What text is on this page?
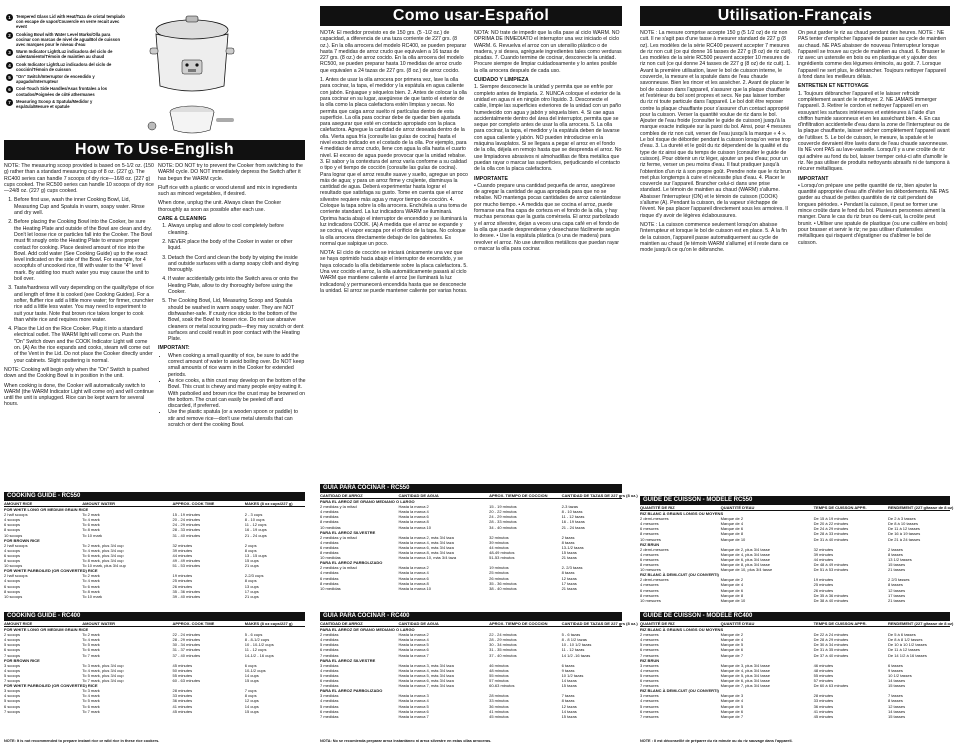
1	Tempered Glass Lid with Heat/Taza de cristal templado con escape de vapor/Couvercle en verre recuit avec event
2	Cooking Bowl with Water Level Marks/Olla para cocinar con marcas de nivel de agua/Bol de cuisson avec marques pour le niveau d'eau
3	Warm Indicator Light/Luz indicadora del ciclo de calentamiento/Témoin de maintien au chaud
4	Cook Indicator Light/Luz indicadora del ciclo de cocción/Témoin de cuisson
5	"On" Switch/Interruptor de encendido y apagado/Interrupteur
6	Cool-Touch Side Handles/Asas frontales a los costados/Poignées de côté athermanes
7	Measuring Scoop & Spatula/Medidor y espátula/Mesure et spatule
How To Use-English
NOTE: The measuring scoop provided is based on 5-1/2 oz. (150 g) rather than a standard measuring cup of 8 oz. (227 g). The RC400 series can handle 7 scoops of dry rice—16/8 oz. (227 g) cups cooked. The RC500 series can handle 10 scoops of dry rice—24/8 oz. (227 g) cups cooked.
1. Before first use, wash the inner Cooking Bowl, Lid, Measuring Cup and Spatula in warm, soapy water. Rinse and dry well.
2. Before placing the Cooking Bowl into the Cooker, be sure the Heating Plate and outside of the Bowl are clean and dry. Don't let loose rice or particles fall into the Cooker. The Bowl must fit snugly onto the Heating Plate to ensure proper contact for cooking. Place desired amount of rice into the Bowl. Add cold water (See Cooking Guide) up to the exact level indicated on the side of the Bowl. For example, for 4 scoopfuls of uncooked rice, fill with water to the "4" level mark. By adding too much water you may cause the unit to boil over.
3. Taste/hardness will vary depending on the quality/type of rice and length of time it is cooked (see Cooking Guides). For a softer, fluffier rice add a little more water; for firmer, crunchier rice add a little less water. You may need to experiment to suit your taste. Note that brown rice takes longer to cook than white rice and requires more water.
4. Place the Lid on the Rice Cooker. Plug it into a standard electrical outlet. The WARM light will come on. Push the "On" Switch down and the COOK Indicator Light will come on. (A) As the rice expands and cooks, steam will come out of the Vent in the Lid. Do not place the Cooker directly under your cabinets. Slight sputtering is normal.
NOTE: Cooking will begin only when the "On" Switch is pushed down and the Cooking Bowl is in position in the unit.
When cooking is done, the Cooker will automatically switch to WARM (the WARM Indicator Light will come on) and will continue until the unit is unplugged. Rice can be kept warm for several hours.
NOTE: DO NOT try to prevent the Cooker from switching to the WARM cycle. DO NOT immediately depress the Switch after it has begun the WARM cycle.
Fluff rice with a plastic or wood utensil and mix in ingredients such as minced vegetables, if desired.
When done, unplug the unit. Always clean the Cooker thoroughly as soon as possible after each use.
CARE & CLEANING
1. Always unplug and allow to cool completely before cleaning.
2. NEVER place the body of the Cooker in water or other liquid.
3. Detach the Cord and clean the body by wiping the inside and outside surfaces with a damp soapy cloth and drying thoroughly.
4. If water accidentally gets into the Switch area or onto the Heating Plate, allow to dry thoroughly before using the Cooker.
5. The Cooking Bowl, Lid, Measuring Scoop and Spatula should be washed in warm soapy water. They are NOT dishwasher-safe. If crusty rice sticks to the bottom of the Bowl, soak the Bowl to loosen rice. Do not use abrasive cleaners or metal scouring pads—they may scratch or dent surfaces and could result in poor contact with the Heating Plate.
IMPORTANT:
• When cooking a small quantity of rice, be sure to add the correct amount of water to avoid boiling over. Do NOT keep small amounts of rice warm in the Cooker for extended periods.
• As rice cooks, a thin crust may develop on the bottom of the Bowl. This crust is chewy and many people enjoy eating it. With parboiled and brown rice the crust may be browned on the bottom. The crust can easily be peeled off and discarded, if preferred.
• Use the plastic spatula (or a wooden spoon or paddle) to stir and remove rice—don't use metal utensils that can scratch or dent the cooking Bowl.
Como usar-Español
NOTA: El medidor provisto es de 150 grs. (5 -1/2 oz.) de capacidad, a diferencia de una taza corriente de 227 grs. (8 oz.). En la olla arrocera del modelo RC400, se pueden preparar hasta 7 medidas de arroz crudo que equivalen a 16 tazas de 227 grs. (8 oz.) de arroz cocido. En la olla arrocera del modelo RC500, se pueden preparar hasta 10 medidas de arroz crudo que equivalen a 24 tazas de 227 grs. (8 oz.) de arroz cocido.
1. Antes de usar la olla arrocera por primera vez, lave la olla para cocinar, la tapa, el medidor y la espátula en agua caliente con jabón. Enjuague y séquelos bien. 2. Antes de colocar la olla para cocinar en su lugar, asegúrese de que tanto el exterior de la olla como la placa calefactora estén limpias y secas. No permita que caiga arroz suelto ni partículas dentro de esta superficie. La olla para cocinar debe de quedar bien ajustada para asegurar que esté en contacto apropiado con la placa calefactora. Agregue la cantidad de arroz deseada dentro de la olla. Vierta agua fría (consulte las guías de cocina) hasta el nivel exacto indicado en el costado de la olla. Por ejemplo, para 4 medidas de arroz crudo, llene con agua la olla hasta el cuarto nivel. El exceso de agua puede provocar que la unidad rebalse. 3. El sabor y la contextura del arroz varía conforme a su calidad o tipo y el tiempo de cocción (consulte las guías de cocina). Para lograr que el arroz resulte suave y suelto, agregue un poco más de agua; y para un arroz firme y crujiente, disminuya la cantidad de agua. Deberá experimentar hasta lograr el resultado que satisfaga su gusto. Tome en cuenta que el arroz silvestre requiere más agua y mayor tiempo de cocción. 4. Coloque la tapa sobre la olla arrocera. Enchúfela a una toma de corriente standard. La luz indicadora WARM se iluminará. Oprima hacia abajo el interruptor de encendido y se iluminará la luz indicadora COOK. (A) A medida que el arroz se expande y se cocina, el vapor escapa por el orificio de la tapa. No coloque la olla arrocera directamente debajo de los gabinetes. Es normal que salpique un poco.
NOTA: El ciclo de cocción se iniciará únicamente una vez que se haya oprimido hacia abajo el interruptor de encendido, y se haya colocado la olla debidamente sobre la placa calefactora. 5. Una vez cocido el arroz, la olla automáticamente pasará al ciclo WARM que mantiene caliente el arroz (se iluminará la luz indicadora) y permanecerá encendida hasta que se desconecte la unidad. El arroz se puede mantener caliente por varias horas.
NOTA: NO trate de impedir que la olla pase al ciclo WARM. NO OPRIMA DE INMEDIATO el interruptor una vez iniciado el ciclo WARM. 6. Revuelva el arroz con un utensilio plástico o de madera, y si desea, agréguele ingredientes tales como verduras picadas. 7. Cuando termine de cocinar, desconecte la unidad. Procure siempre de limpiar cuidadosamente y lo antes posible la olla arrocera después de cada uso.
CUIDADO Y LIMPIEZA
1. Siempre desconecte la unidad y permita que se enfríe por completo antes de limpiarla. 2. NUNCA coloque el exterior de la unidad en agua ni en ningún otro líquido. 3. Desconecte el cable, limpie las superficies exteriores de la unidad con un paño humedecido con agua y jabón y séquela bien. 4. Si cae agua accidentalmente dentro del área del interruptor, permita que se seque por completo antes de usar la olla arrocera. 5. La olla para cocinar, la tapa, el medidor y la espátula deben de lavarse con agua caliente y jabón. NO pueden introducirse en la máquina lavaplatos. Si se llegara a pegar el arroz en el fondo de la olla, déjela en remojo hasta que se desprenda el arroz. No use limpiadores abrasivos ni almohadillas de fibra metálica que puedan rayar o marcar las superficies, perjudicando el contacto de la olla con la placa calefactora.
IMPORTANTE
• Cuando prepare una cantidad pequeña de arroz, asegúrese de agregar la cantidad de agua apropiada para que no se rebalse. NO mantenga pocas cantidades de arroz calentándose por mucho tiempo. • A medida que se cocina el arroz, puede formarse una fina capa de corteza en el fondo de la olla, y hay muchas personas que la gusta comérsela. El arroz parbolizado y el arroz silvestre, dejan a veces una capa café en el fondo de la olla que puede desprenderse y desecharse fácilmente según lo desee. • Use la espátula plástica (o una de madera) para revolver el arroz. No use utensilios metálicos que puedan rayar o marcar la olla para cocinar.
Utilisation-Français
NOTE : La mesure comprise accepte 150 g (5 1/2 oz) de riz non cuit. Il ne s'agit pas d'une tasse à mesurer standard de 227 g (8 oz). Les modèles de la série RC400 peuvent accepter 7 mesures de riz non cuit (ce qui donne 16 tasses de 227 g (8 oz) de riz cuit). Les modèles de la série RC500 peuvent accepter 10 mesures de riz non cuit (ce qui donne 24 tasses de 227 g (8 oz) de riz cuit). 1. Avant la première utilisation, laver le bol de cuisson interne, le couvercle, la mesure et la spatule dans de l'eau chaude savonneuse. Bien les rincer et les assécher. 2. Avant de placer le bol de cuisson dans l'appareil, s'assurer que la plaque chauffante et l'extérieur du bol sont propres et secs. Ne pas laisser tomber du riz ni toute particule dans l'appareil. Le bol doit être reposer contre la plaque chauffante pour s'assurer d'un contact approprié pour la cuisson. Verser la quantité voulue de riz dans le bol. Ajouter de l'eau froide (consulter le guide de cuisson) jusqu'à la marque exacte indiquée sur la paroi du bol. Ainsi, pour 4 mesures combles de riz non cuit, verser de l'eau jusqu'à la marque « 4 ». Le bol risque de déborder pendant la cuisson lorsqu'on verse trop d'eau. 3. La dureté et le goût du riz dépendent de la qualité et du type de riz ainsi que du temps de cuisson (consulter le guide de cuisson). Pour obtenir un riz léger, ajouter un peu d'eau; pour un riz ferme, verser un peu moins d'eau. Il faut pratiquer jusqu'à l'obtention d'un riz à son propre goût. Prendre note que le riz brun met plus longtemps à cuire et nécessite plus d'eau. 4. Placer le couvercle sur l'appareil. Brancher celui-ci dans une prise standard. Le témoin de maintien au chaud (WARM) s'allume. Abaisser l'interrupteur (ON) et le témoin de cuisson (COOK) s'allume (A). Pendant la cuisson, de la vapeur s'échappe de l'évent. Ne pas placer l'appareil directement sous les armoires. Il risque d'y avoir de légères éclaboussures.
NOTE : La cuisson commence seulement lorsqu'on abaisse l'interrupteur et lorsque le bol de cuisson est en place. 5. À la fin de la cuisson, l'appareil passe automatiquement au cycle de maintien au chaud (le témoin WARM s'allume) et il reste dans ce mode jusqu'à ce qu'on le débranche.
On peut garder le riz au chaud pendant des heures. NOTE : NE PAS tenter d'empêcher l'appareil de passer au cycle de maintien au chaud. NE PAS abaisser de nouveau l'interrupteur lorsque l'appareil se trouve au cycle de maintien au chaud. 6. Brasser le riz avec un ustensile en bois ou en plastique et y ajouter des ingrédients comme des légumes émincés, au goût. 7. Lorsque l'appareil ne sert plus, le débrancher. Toujours nettoyer l'appareil à fond dans les meilleurs délais.
ENTRETIEN ET NETTOYAGE
1. Toujours débrancher l'appareil et le laisser refroidir complètement avant de le nettoyer. 2. NE JAMAIS immerger l'appareil. 3. Retirer le cordon et nettoyer l'appareil en en essuyant les surfaces intérieures et extérieures à l'aide d'un chiffon humide savonneux et en les asséchant bien. 4. En cas d'infiltration accidentelle d'eau dans la zone de l'interrupteur ou de la plaque chauffante, laisser sécher complètement l'appareil avant de l'utiliser. 5. Le bol de cuisson, le mesure, la spatule et le couvercle devraient être lavés dans de l'eau chaude savonneuse. Ils NE vont PAS au lave-vaisselle. Lorsqu'il y a une croûte de riz qui adhère au fond du bol, laisser tremper celui-ci afin d'amollir le riz. Ne pas utiliser de produits nettoyants abrasifs ni de tampons à récurer métalliques.
IMPORTANT
• Lorsqu'on prépare une petite quantité de riz, bien ajouter la quantité appropriée d'eau afin d'éviter les débordements. NE PAS garder au chaud de petites quantités de riz cuit pendant de longues périodes. • Pendant la cuisson, il peut se former une mince croûte dans le fond du bol. Plusieurs personnes aiment la manger. Dans le cas du riz brun ou demi-cuit, la croûte peut brunir. • Utiliser une spatule de plastique (ou une cuillère en bois) pour brasser et servir le riz; ne pas utiliser d'ustensiles métalliques qui risquent d'égratigner ou d'abîmer le bol de cuisson.
COOKING GUIDE - RC550
AMOUNT RICE	AMOUNT WATER	APPROX. COOK TIME	MAKES (8 oz cups/227 g)
FOR WHITE LONG OR MEDIUM GRAIN RICE
2 half scoops	To 2 mark	15 - 19 minutes	2 - 3 cups
4 scoops	To 4 mark	20 - 24 minutes	8 - 10 cups
6 scoops	To 6 mark	24 - 29 minutes	11 - 12 cups
8 scoops	To 8 mark	28 - 33 minutes	16 - 19 cups
10 scoops	To 10 mark	31 - 40 minutes	21 - 24 cups
FOR BROWN RICE
2 half scoops	To 2 mark, plus 3/4 cup	32 minutes	2 cups
4 scoops	To 4 mark, plus 3/4 cup	39 minutes	8 cups
6 scoops	To 6 mark, plus 3/4 cup	44 minutes	13 - 15 cups
8 scoops	To 8 mark, plus 3/4 cup	49 - 49 minutes	15 cups
10 scoops	To 10 mark, plus 3/4 cup	51 - 53 minutes	21 cups
FOR WHITE PARBOILED (OR CONVERTED) RICE
2 half scoops	To 2 mark	19 minutes	2-2/3 cups
4 scoops	To 4 mark	25 minutes	8 cups
6 scoops	To 6 mark	26 minutes	13 cups
8 scoops	To 8 mark	35 - 36 minutes	17 cups
10 scoops	To 10 mark	39 - 40 minutes	21 cups
COOKING GUIDE - RC400
AMOUNT RICE	AMOUNT WATER	APPROX. COOK TIME	MAKES (8 oz cups/227 g)
FOR WHITE LONG OR MEDIUM GRAIN RICE
2 scoops	To 2 mark	22 - 24 minutes	5 - 6 cups
4 scoops	To 4 mark	28 - 29 minutes	8 - 8-1/2 cups
5 scoops	To 5 mark	30 - 34 minutes	10 - 10-1/2 cups
6 scoops	To 6 mark	31 - 37 minutes	11 - 12 cups
7 scoops	To 7 mark	37 - 40 minutes	14-1/2 - 16 cups
FOR BROWN RICE
3 scoops	To 3 mark, plus 3/4 cup	45 minutes	6 cups
4 scoops	To 4 mark, plus 3/4 cup	50 minutes	10-1/2 cups
5 scoops	To 5 mark, plus 3/4 cup	55 minutes	14 cups
7 scoops	To 7 mark, plus 3/4 cup	60 - 63 minutes	15 cups
FOR WHITE PARBOILED (OR CONVERTED) RICE
3 scoops	To 3 mark	28 minutes	7 cups
4 scoops	To 4 mark	33 minutes	8 cups
5 scoops	To 5 mark	36 minutes	12 cups
6 scoops	To 6 mark	41 minutes	14 cups
7 scoops	To 7 mark	45 minutes	15 cups
NOTE: It is not recommended to prepare instant rice or wild rice in these rice cookers.
GUIA PARA COCINAR - RC550
CANTIDAD DE ARROZ	CANTIDAD DE AGUA	APROX. TIEMPO DE COCCION	CANTIDAD DE TAZAS DE 227 grs (8 oz.)
PARA EL ARROZ DE GRANO MEDIANO O LARGO
2 medidas y la mitad	Hasta la marca 2	15 - 19 minutos	2-3 tazas
4 medidas	Hasta la marca 4	20 - 22 minutos	8 - 10 tazas
6 medidas	Hasta la marca 6	24 - 29 minutos	11 - 12 tazas
8 medidas	Hasta la marca 8	28 - 33 minutos	16 - 19 tazas
10 medidas	Hasta la marca 10	34 - 40 minutos	21 - 24 tazas
PARA EL ARROZ SILVESTRE
2 medidas y la mitad	Hasta la marca 2, más 3/4 taza	32 minutos	2 tazas
4 medidas	Hasta la marca 4, más 3/4 taza	39 minutos	8 tazas
6 medidas	Hasta la marca 6, más 3/4 taza	44 minutos	13-1/2 tazas
8 medidas	Hasta la marca 8, más 3/4 taza	48-49 minutos	15 tazas
10 medidas	Hasta la marca 10, más 3/4 taza	51-53 minutos	21 tazas
PARA EL ARROZ PARBOLIZADO
2 medidas y la mitad	Hasta la marca 2	19 minutos	2- 2/3 tazas
4 medidas	Hasta la marca 4	25 minutos	8 tazas
6 medidas	Hasta la marca 6	26 minutos	12 tazas
8 medidas	Hasta la marca 8	35 - 36 minutos	17 tazas
10 medidas	Hasta la marca 10	38 - 40 minutos	21 tazas
GUIA PARA COCINAR - RC400
CANTIDAD DE ARROZ	CANTIDAD DE AGUA	APROX. TIEMPO DE COCCION	CANTIDAD DE TAZAS DE 227 grs (8 oz.)
PARA EL ARROZ DE GRANO MEDIANO O LARGO
2 medidas	Hasta la marca 2	22 - 24 minutos	5 - 6 tazas
4 medidas	Hasta la marca 4	28 - 29 minutos	8 - 8 1/2 tazas
5 medidas	Hasta la marca 5	30 - 34 minutos	10 - 10 1/2 tazas
6 medidas	Hasta la marca 6	31 - 35 minutos	11 - 12 tazas
7 medidas	Hasta la marca 7	37 - 40 minutos	14 1/2 -16 tazas
PARA EL ARROZ SILVESTRE
3 medidas	Hasta la marca 3, más 3/4 taza	46 minutos	6 tazas
4 medidas	Hasta la marca 4, más 3/4 taza	48 minutos	9 tazas
5 medidas	Hasta la marca 5, más 3/4 taza	55 minutos	10 1/2 tazas
6 medidas	Hasta la marca 6, más 3/4 taza	57 minutos	14 tazas
7 medidas	Hasta la marca 7, más 3/4 taza	60-63 minutos	15 tazas
PARA EL ARROZ PARBOLIZADO
3 medidas	Hasta la marca 3	28 minutos	7 tazas
4 medidas	Hasta la marca 4	33 minutos	8 tazas
5 medidas	Hasta la marca 5	36 minutos	12 tazas
6 medidas	Hasta la marca 6	41 minutos	14 tazas
7 medidas	Hasta la marca 7	45 minutos	15 tazas
NOTA: No se recomienda preparar arroz instantáneo ni arroz silvestre en estas ollas arroceras.
GUIDE DE CUISSON - MODELE RC550
QUANTITÉ DE RIZ	QUANTITÉ D'EAU	TEMPS DE CUISSON APPR.	RENDEMENT (227 g/tasse de 8 oz)
RIZ BLANC À GRAINS LONGS OU MOYENS
2 demi-mesures	Marque de 2	De 15 à 19 minutes	De 2 à 3 tasses
4 mesures	Marque de 4	De 20 à 22 minutes	De 8 à 10 tasses
6 mesures	Marque de 6	De 24 à 29 minutes	De 11 à 12 tasses
8 mesures	Marque de 8	De 28 à 33 minutes	De 16 à 19 tasses
10 mesures	Marque de 10	De 31 à 40 minutes	De 21 à 24 tasses
RIZ BRUN
2 demi-mesures	Marque de 2, plus 3/4 tasse	32 minutes	2 tasses
4 mesures	Marque de 4, plus 3/4 tasse	39 minutes	8 tasses
6 mesures	Marque de 6, plus 3/4 tasse	44 minutes	13 1/2 tasses
8 mesures	Marque de 8, plus 3/4 tasse	De 48 à 49 minutes	15 tasses
10 mesures	Marque de 10, plus 3/4 tasse	De 51 à 53 minutes	21 tasses
RIZ BLANC À DEMI-CUIT (OU CONVERTI)
2 demi-mesures	Marque de 2	19 minutes	2 2/3 tasses
4 mesures	Marque de 4	25 minutes	8 tasses
6 mesures	Marque de 6	26 minutes	12 tasses
8 mesures	Marque de 8	De 35 à 36 minutes	17 tasses
10 mesures	Marque de 10	De 38 à 40 minutes	21 tasses
GUIDE DE CUISSON - MODELE RC400
QUANTITÉ DE RIZ	QUANTITÉ D'EAU	TEMPS DE CUISSON APPR.	RENDEMENT (227 g/tasse de 8 oz)
RIZ BLANC À GRAINS LONGS OU MOYENS
2 mesures	Marque de 2	De 22 à 24 minutes	De 5 à 6 tasses
4 mesures	Marque de 4	De 28 à 29 minutes	De 8 à 8 1/2 tasses
5 mesures	Marque de 5	De 30 à 34 minutes	De 10 à 10 1/2 tasses
6 mesures	Marque de 6	De 31 à 35 minutes	De 11 à 12 tasses
7 mesures	Marque de 7	De 37 à 40 minutes	De 14 1/2 à 16 tasses
RIZ BRUN
3 mesures	Marque de 3, plus 3/4 tasse	46 minutes	6 tasses
4 mesures	Marque de 4, plus 3/4 tasse	48 minutes	9 tasses
5 mesures	Marque de 5, plus 3/4 tasse	55 minutes	10 1/2 tasses
6 mesures	Marque de 6, plus 3/4 tasse	57 minutes	14 tasses
7 mesures	Marque de 7, plus 3/4 tasse	De 60 à 63 minutes	15 tasses
RIZ BLANC À DEMI-CUIT (OU CONVERTI)
3 mesures	Marque de 3	28 minutes	7 tasses
4 mesures	Marque de 4	33 minutes	8 tasses
5 mesures	Marque de 5	36 minutes	12 tasses
6 mesures	Marque de 6	41 minutes	14 tasses
7 mesures	Marque de 7	45 minutes	15 tasses
NOTE : Il est déconseillé de préparer du riz minute ou du riz sauvage dans l'appareil.
